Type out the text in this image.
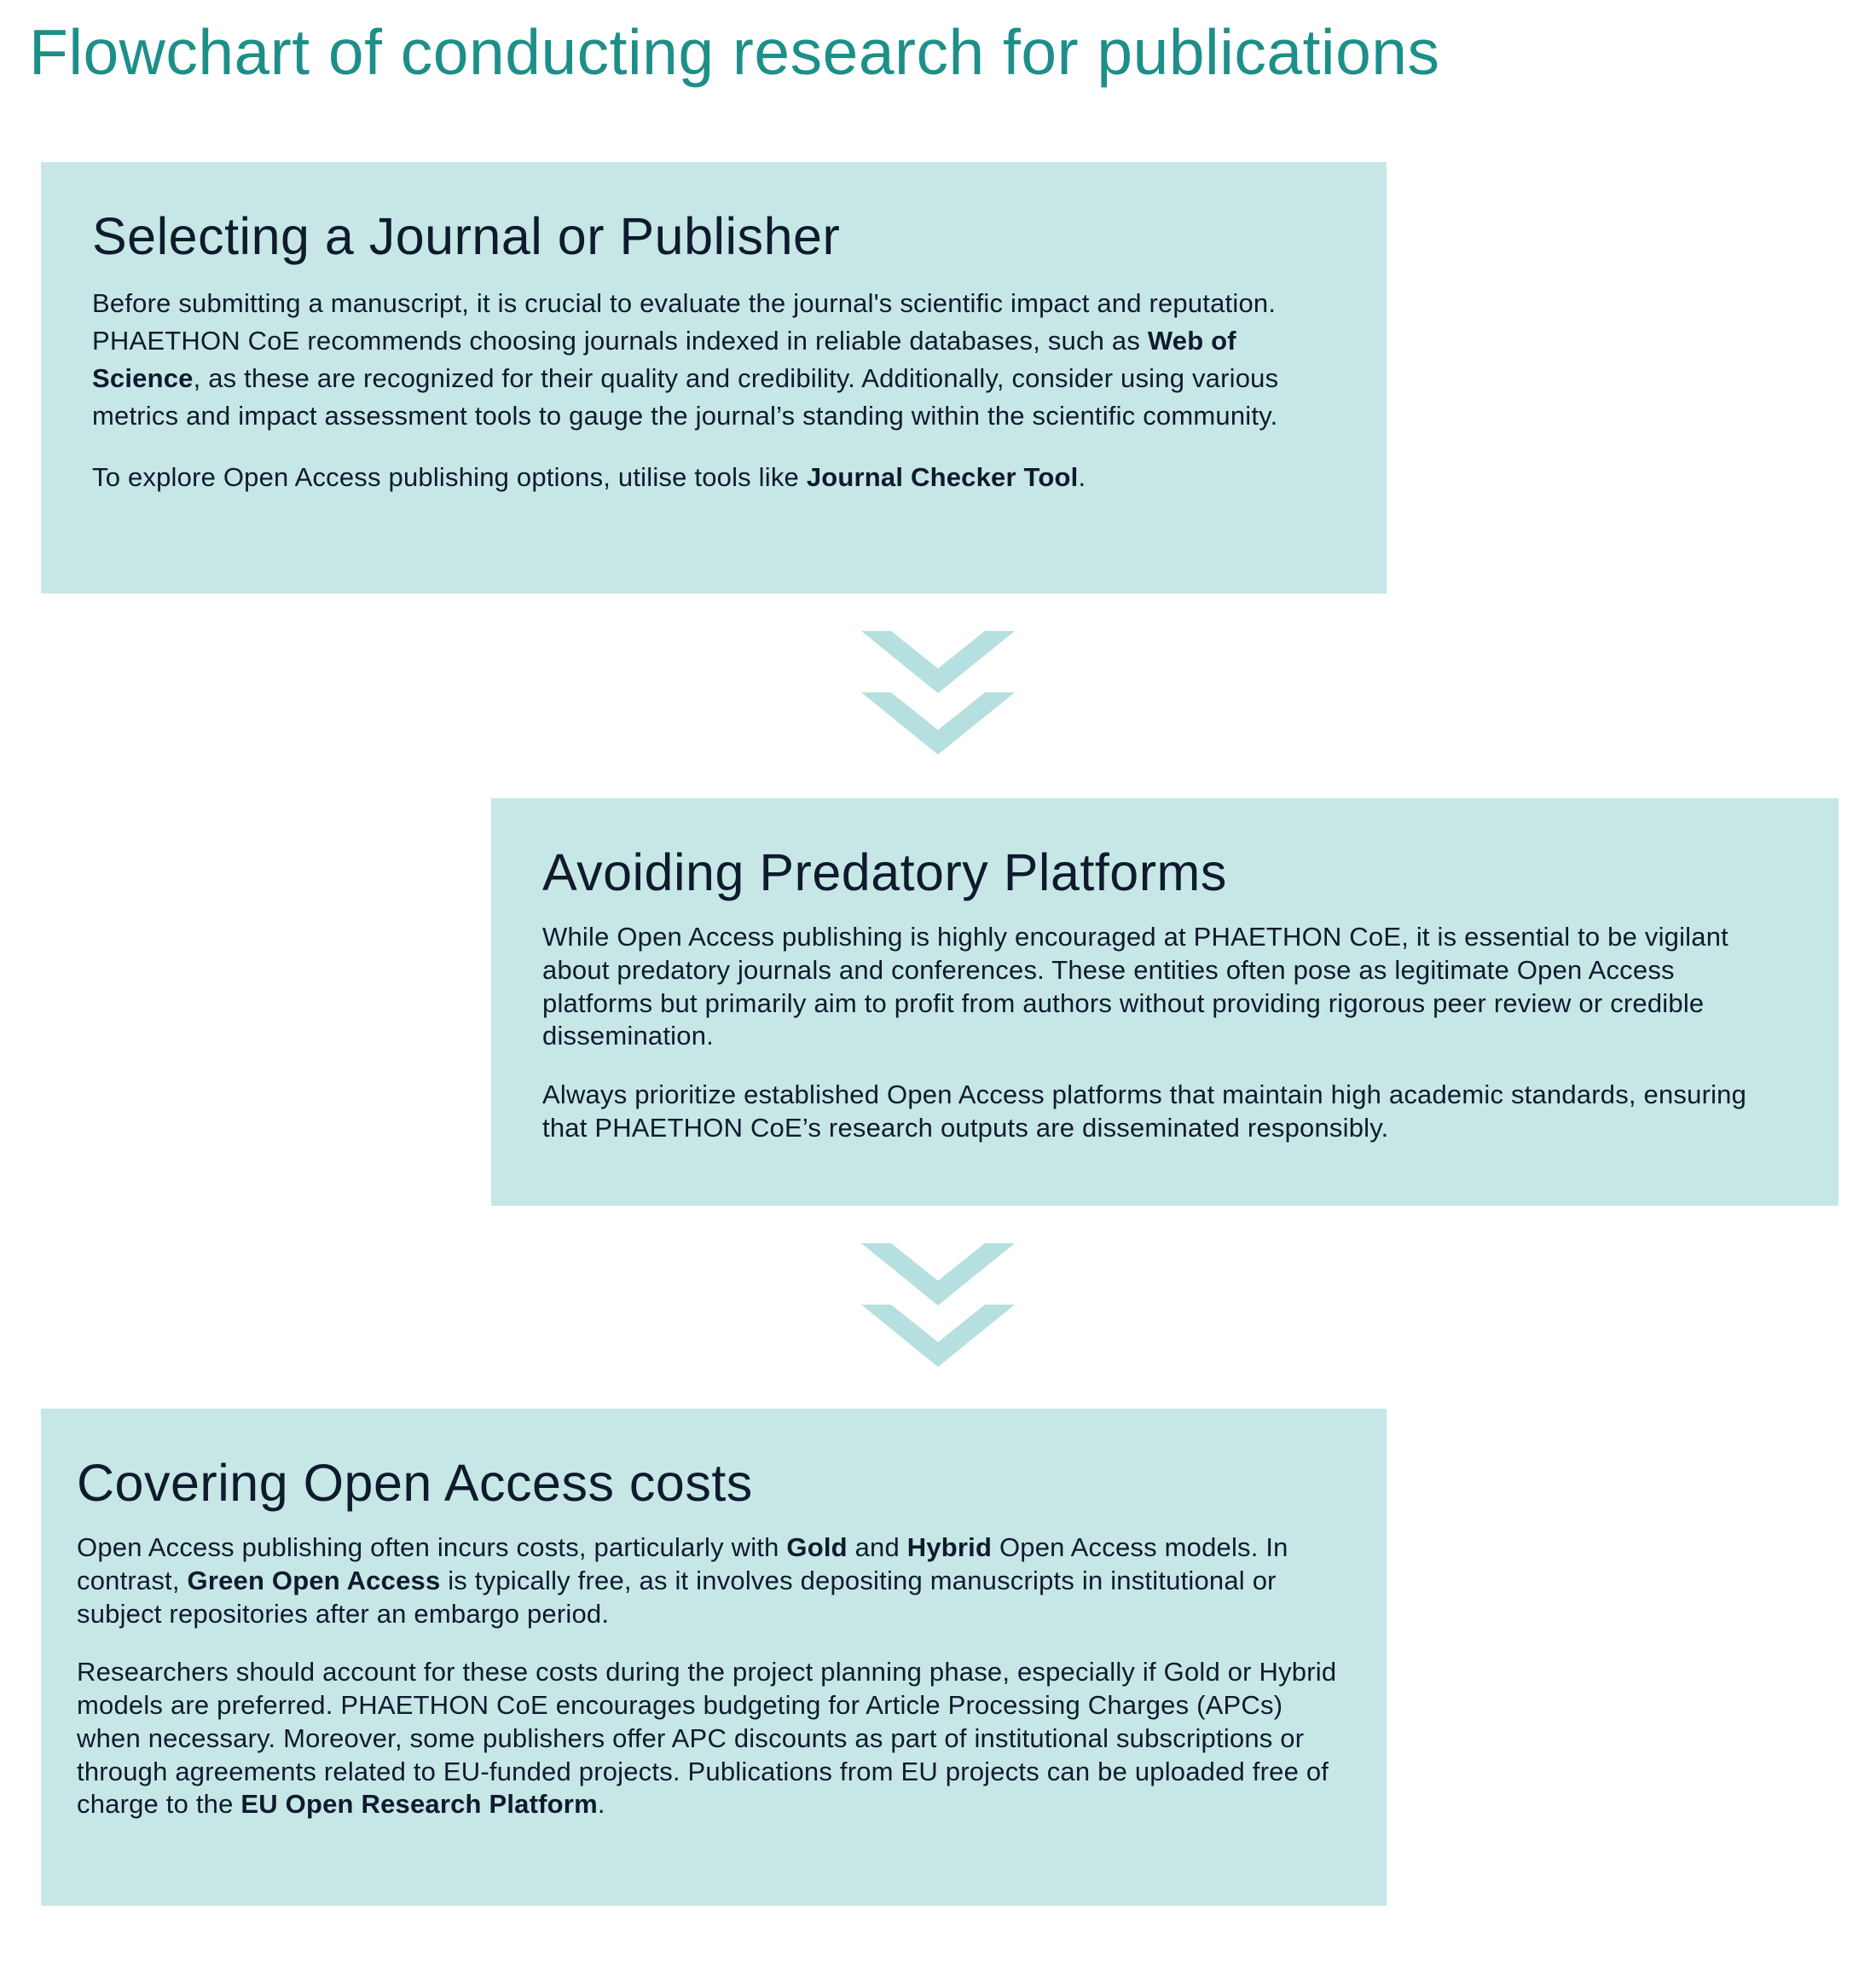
Flowchart of conducting research for publications
Selecting a Journal or Publisher

Before submitting a manuscript, it is crucial to evaluate the journal's scientific impact and reputation. PHAETHON CoE recommends choosing journals indexed in reliable databases, such as Web of Science, as these are recognized for their quality and credibility. Additionally, consider using various metrics and impact assessment tools to gauge the journal’s standing within the scientific community.

To explore Open Access publishing options, utilise tools like Journal Checker Tool.

Avoiding Predatory Platforms

While Open Access publishing is highly encouraged at PHAETHON CoE, it is essential to be vigilant about predatory journals and conferences. These entities often pose as legitimate Open Access platforms but primarily aim to profit from authors without providing rigorous peer review or credible dissemination.

Always prioritize established Open Access platforms that maintain high academic standards, ensuring that PHAETHON CoE’s research outputs are disseminated responsibly.

Covering Open Access costs

Open Access publishing often incurs costs, particularly with Gold and Hybrid Open Access models. In contrast, Green Open Access is typically free, as it involves depositing manuscripts in institutional or subject repositories after an embargo period.

Researchers should account for these costs during the project planning phase, especially if Gold or Hybrid models are preferred. PHAETHON CoE encourages budgeting for Article Processing Charges (APCs) when necessary. Moreover, some publishers offer APC discounts as part of institutional subscriptions or through agreements related to EU-funded projects. Publications from EU projects can be uploaded free of charge to the EU Open Research Platform.
